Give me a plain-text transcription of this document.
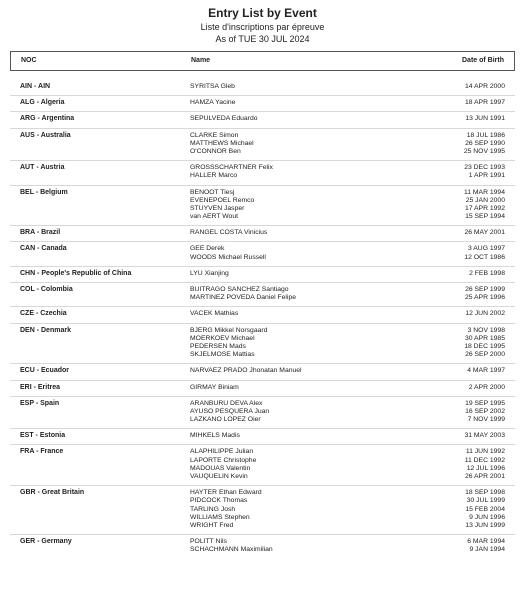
Entry List by Event
Liste d'inscriptions par épreuve
As of TUE 30 JUL 2024
NOC	Name	Date of Birth
AIN - AIN	SYRITSA Gleb	14 APR 2000
ALG - Algeria	HAMZA Yacine	18 APR 1997
ARG - Argentina	SEPULVEDA Eduardo	13 JUN 1991
AUS - Australia	CLARKE Simon	18 JUL 1986
MATTHEWS Michael	26 SEP 1990
O'CONNOR Ben	25 NOV 1995
AUT - Austria	GROSSSCHARTNER Felix	23 DEC 1993
HALLER Marco	1 APR 1991
BEL - Belgium	BENOOT Tiesj	11 MAR 1994
EVENEPOEL Remco	25 JAN 2000
STUYVEN Jasper	17 APR 1992
van AERT Wout	15 SEP 1994
BRA - Brazil	RANGEL COSTA Vinicius	26 MAY 2001
CAN - Canada	GEE Derek	3 AUG 1997
WOODS Michael Russell	12 OCT 1986
CHN - People's Republic of China	LYU Xianjing	2 FEB 1998
COL - Colombia	BUITRAGO SANCHEZ Santiago	26 SEP 1999
MARTINEZ POVEDA Daniel Felipe	25 APR 1996
CZE - Czechia	VACEK Mathias	12 JUN 2002
DEN - Denmark	BJERG Mikkel Norsgaard	3 NOV 1998
MOERKOEV Michael	30 APR 1985
PEDERSEN Mads	18 DEC 1995
SKJELMOSE Mattias	26 SEP 2000
ECU - Ecuador	NARVAEZ PRADO Jhonatan Manuel	4 MAR 1997
ERI - Eritrea	GIRMAY Biniam	2 APR 2000
ESP - Spain	ARANBURU DEVA Alex	19 SEP 1995
AYUSO PESQUERA Juan	16 SEP 2002
LAZKANO LOPEZ Oier	7 NOV 1999
EST - Estonia	MIHKELS Madis	31 MAY 2003
FRA - France	ALAPHILIPPE Julian	11 JUN 1992
LAPORTE Christophe	11 DEC 1992
MADOUAS Valentin	12 JUL 1996
VAUQUELIN Kevin	26 APR 2001
GBR - Great Britain	HAYTER Ethan Edward	18 SEP 1998
PIDCOCK Thomas	30 JUL 1999
TARLING Josh	15 FEB 2004
WILLIAMS Stephen	9 JUN 1996
WRIGHT Fred	13 JUN 1999
GER - Germany	POLITT Nils	6 MAR 1994
SCHACHMANN Maximilian	9 JAN 1994
